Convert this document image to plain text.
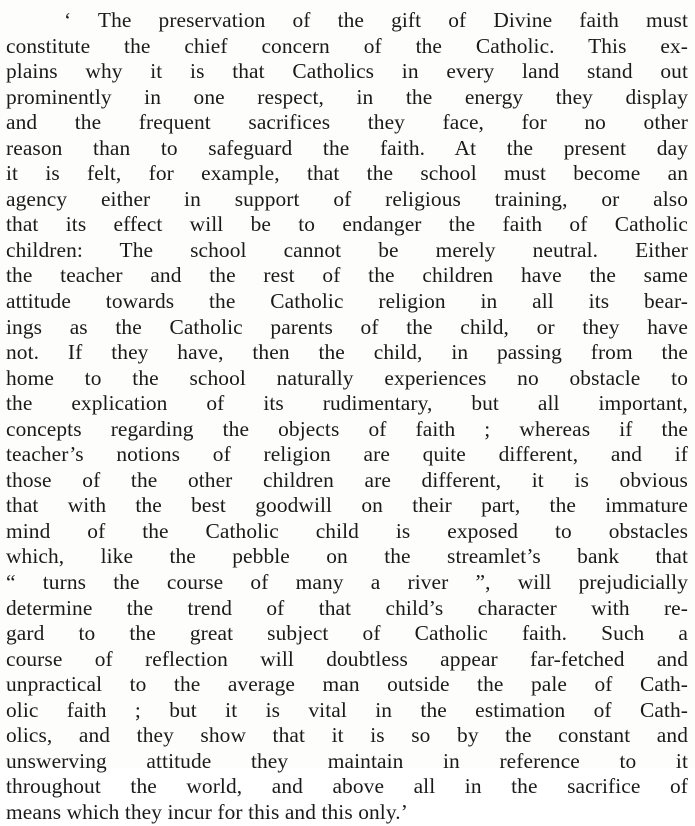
‘ The preservation of the gift of Divine faith must
constitute the chief concern of the Catholic. This ex-
plains why it is that Catholics in every land stand out
prominently in one respect, in the energy they display
and the frequent sacrifices they face, for no other
reason than to safeguard the faith. At the present day
it is felt, for example, that the school must become an
agency either in support of religious training, or also
that its effect will be to endanger the faith of Catholic
children: The school cannot be merely neutral. Either
the teacher and the rest of the children have the same
attitude towards the Catholic religion in all its bear-
ings as the Catholic parents of the child, or they have
not. If they have, then the child, in passing from the
home to the school naturally experiences no obstacle to
the explication of its rudimentary, but all important,
concepts regarding the objects of faith ; whereas if the
teacher’s notions of religion are quite different, and if
those of the other children are different, it is obvious
that with the best goodwill on their part, the immature
mind of the Catholic child is exposed to obstacles
which, like the pebble on the streamlet’s bank that
“ turns the course of many a river ”, will prejudicially
determine the trend of that child’s character with re-
gard to the great subject of Catholic faith. Such a
course of reflection will doubtless appear far-fetched and
unpractical to the average man outside the pale of Cath-
olic faith ; but it is vital in the estimation of Cath-
olics, and they show that it is so by the constant and
unswerving attitude they maintain in reference to it
throughout the world, and above all in the sacrifice of
means which they incur for this and this only.’
